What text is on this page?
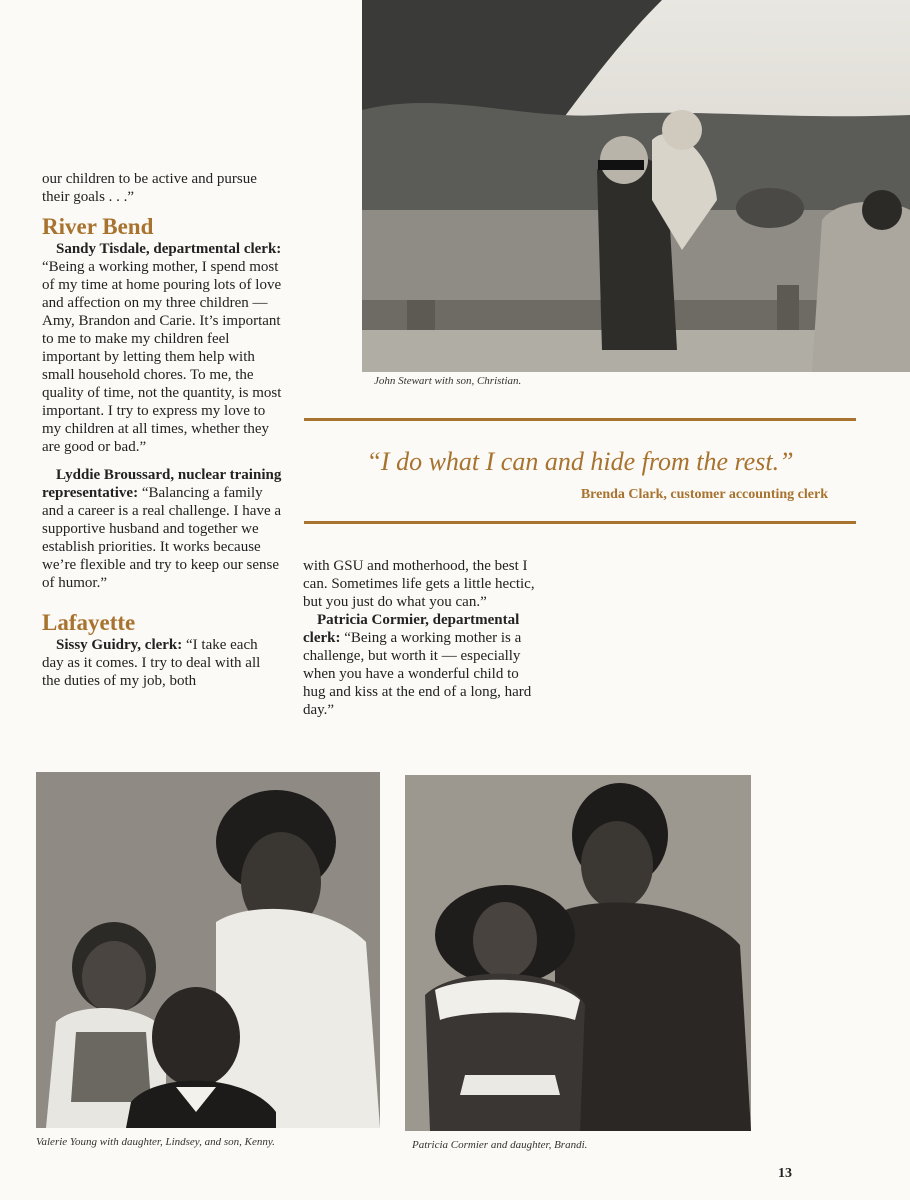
our children to be active and pursue their goals . . .”

River Bend

Sandy Tisdale, departmental clerk: “Being a working mother, I spend most of my time at home pouring lots of love and affection on my three children — Amy, Brandon and Carie. It’s important to me to make my children feel important by letting them help with small household chores. To me, the quality of time, not the quantity, is most important. I try to express my love to my children at all times, whether they are good or bad.”

Lyddie Broussard, nuclear training representative: “Balancing a family and a career is a real challenge. I have a supportive husband and together we establish priorities. It works because we’re flexible and try to keep our sense of humor.”

Lafayette

Sissy Guidry, clerk: “I take each day as it comes. I try to deal with all the duties of my job, both

John Stewart with son, Christian.
“I do what I can and hide from the rest.”
Brenda Clark, customer accounting clerk

with GSU and motherhood, the best I can. Sometimes life gets a little hectic, but you just do what you can.”

Patricia Cormier, departmental clerk: “Being a working mother is a challenge, but worth it — especially when you have a wonderful child to hug and kiss at the end of a long, hard day.”

Valerie Young with daughter, Lindsey, and son, Kenny.	Patricia Cormier and daughter, Brandi.
13
